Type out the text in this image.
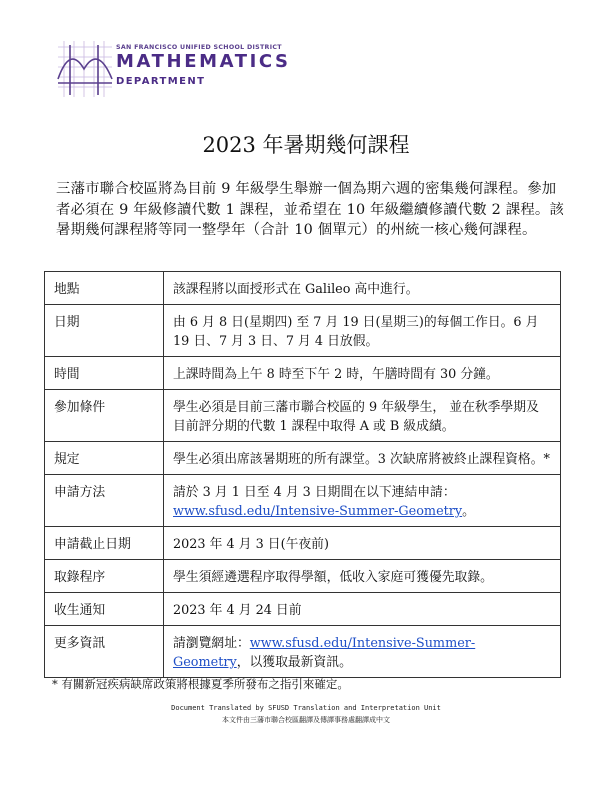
SAN FRANCISCO UNIFIED SCHOOL DISTRICT
MATHEMATICS
DEPARTMENT
2023 年暑期幾何課程

三藩市聯合校區將為目前 9 年級學生舉辦一個為期六週的密集幾何課程。參加者必須在 9 年級修讀代數 1 課程，並希望在 10 年級繼續修讀代數 2 課程。該暑期幾何課程將等同一整學年（合計 10 個單元）的州統一核心幾何課程。

地點	該課程將以面授形式在 Galileo 高中進行。
日期	由 6 月 8 日(星期四) 至 7 月 19 日(星期三)的每個工作日。6 月 19 日、7 月 3 日、7 月 4 日放假。
時間	上課時間為上午 8 時至下午 2 時，午膳時間有 30 分鐘。
參加條件	學生必須是目前三藩市聯合校區的 9 年級學生， 並在秋季學期及目前評分期的代數 1 課程中取得 A 或 B 級成績。
規定	學生必須出席該暑期班的所有課堂。3 次缺席將被終止課程資格。*
申請方法	請於 3 月 1 日至 4 月 3 日期間在以下連結申請：
www.sfusd.edu/Intensive-Summer-Geometry。
申請截止日期	2023 年 4 月 3 日(午夜前)
取錄程序	學生須經遴選程序取得學額，低收入家庭可獲優先取錄。
收生通知	2023 年 4 月 24 日前
更多資訊	請瀏覽網址：www.sfusd.edu/Intensive-Summer-Geometry，以獲取最新資訊。

* 有關新冠疾病缺席政策將根據夏季所發布之指引來確定。

Document Translated by SFUSD Translation and Interpretation Unit
本文件由三藩市聯合校區翻譯及傳譯事務處翻譯成中文
